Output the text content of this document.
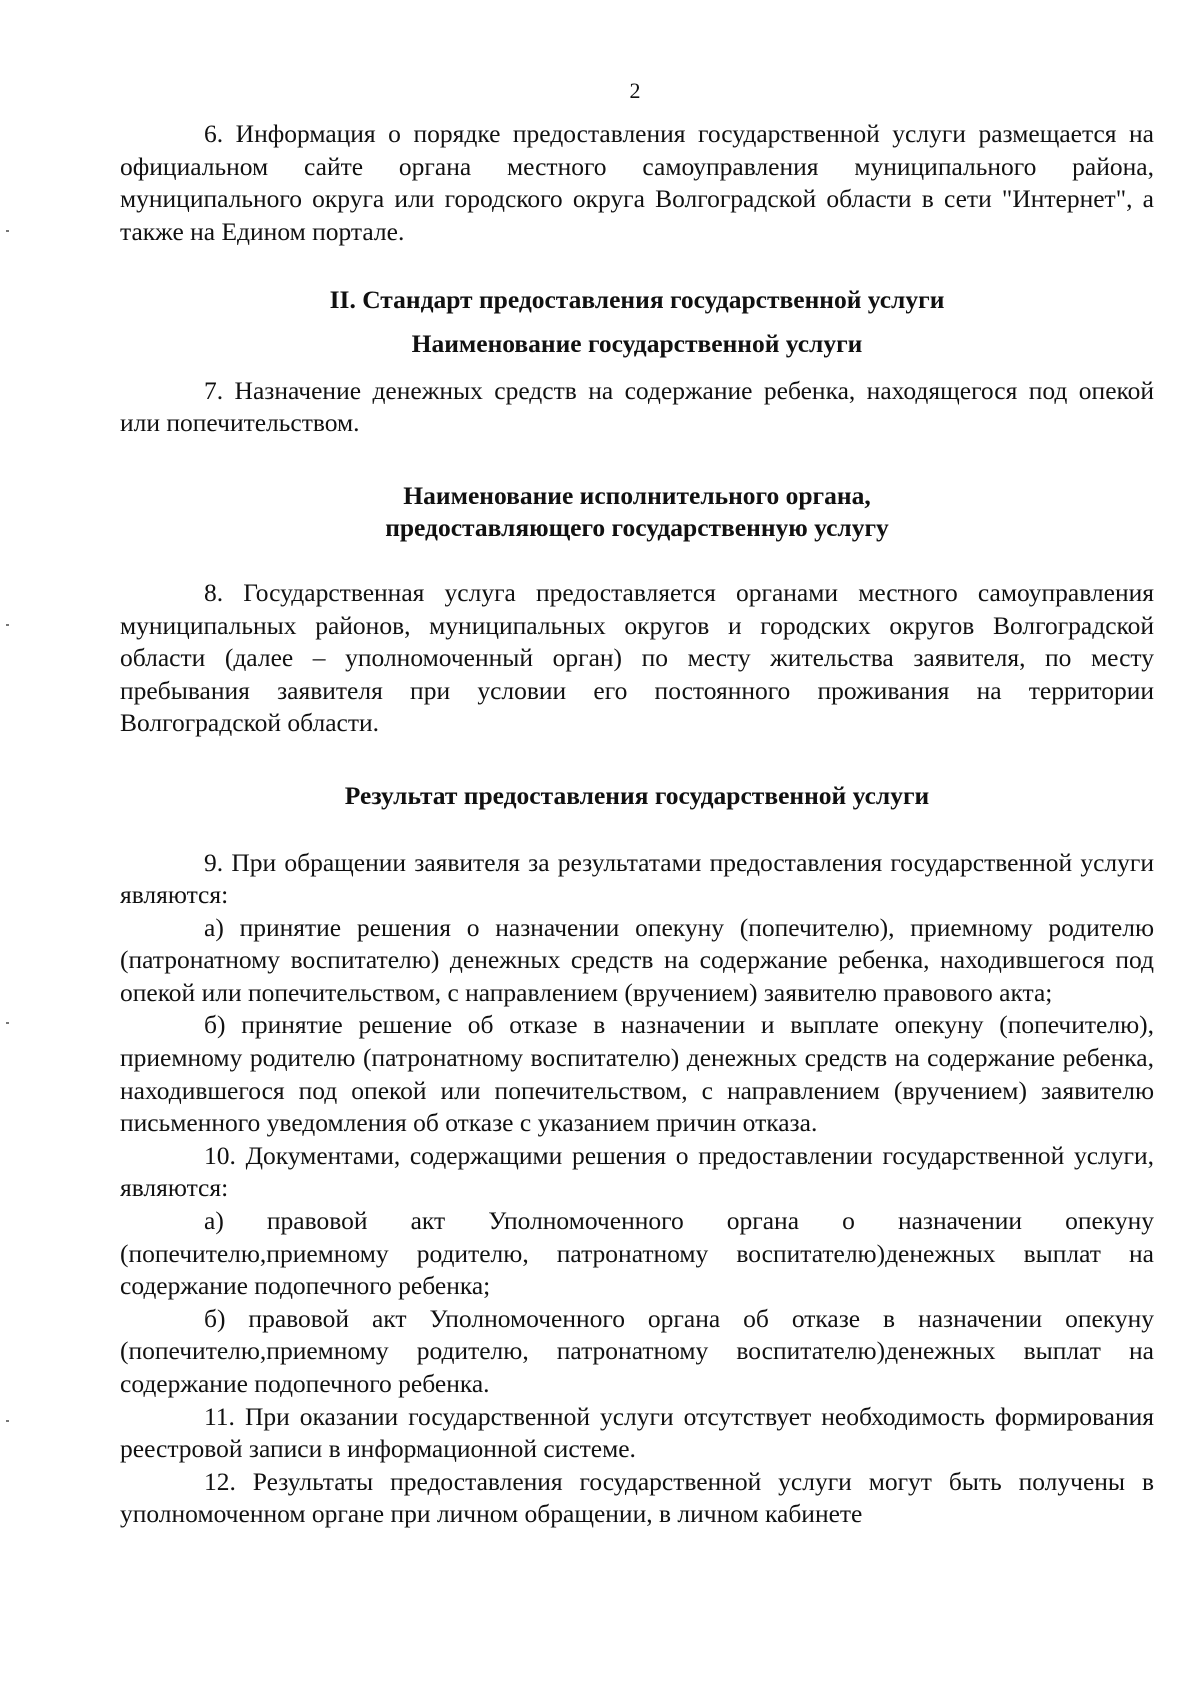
2

6. Информация о порядке предоставления государственной услуги размещается на официальном сайте органа местного самоуправления муниципального района, муниципального округа или городского округа Волгоградской области в сети "Интернет", а также на Едином портале.

II. Стандарт предоставления государственной услуги

Наименование государственной услуги

7. Назначение денежных средств на содержание ребенка, находящегося под опекой или попечительством.

Наименование исполнительного органа,
предоставляющего государственную услугу

8. Государственная услуга предоставляется органами местного самоуправления муниципальных районов, муниципальных округов и городских округов Волгоградской области (далее – уполномоченный орган) по месту жительства заявителя, по месту пребывания заявителя при условии его постоянного проживания на территории Волгоградской области.

Результат предоставления государственной услуги

9. При обращении заявителя за результатами предоставления государственной услуги являются:

а) принятие решения о назначении опекуну (попечителю), приемному родителю (патронатному воспитателю) денежных средств на содержание ребенка, находившегося под опекой или попечительством, с направлением (вручением) заявителю правового акта;

б) принятие решение об отказе в назначении и выплате опекуну (попечителю), приемному родителю (патронатному воспитателю) денежных средств на содержание ребенка, находившегося под опекой или попечительством, с направлением (вручением) заявителю письменного уведомления об отказе с указанием причин отказа.

10. Документами, содержащими решения о предоставлении государственной услуги, являются:

а) правовой акт Уполномоченного органа о назначении опекуну (попечителю,приемному родителю, патронатному воспитателю)денежных выплат на содержание подопечного ребенка;

б) правовой акт Уполномоченного органа об отказе в назначении опекуну (попечителю,приемному родителю, патронатному воспитателю)денежных выплат на содержание подопечного ребенка.

11. При оказании государственной услуги отсутствует необходимость формирования реестровой записи в информационной системе.

12. Результаты предоставления государственной услуги могут быть получены в уполномоченном органе при личном обращении, в личном кабинете
